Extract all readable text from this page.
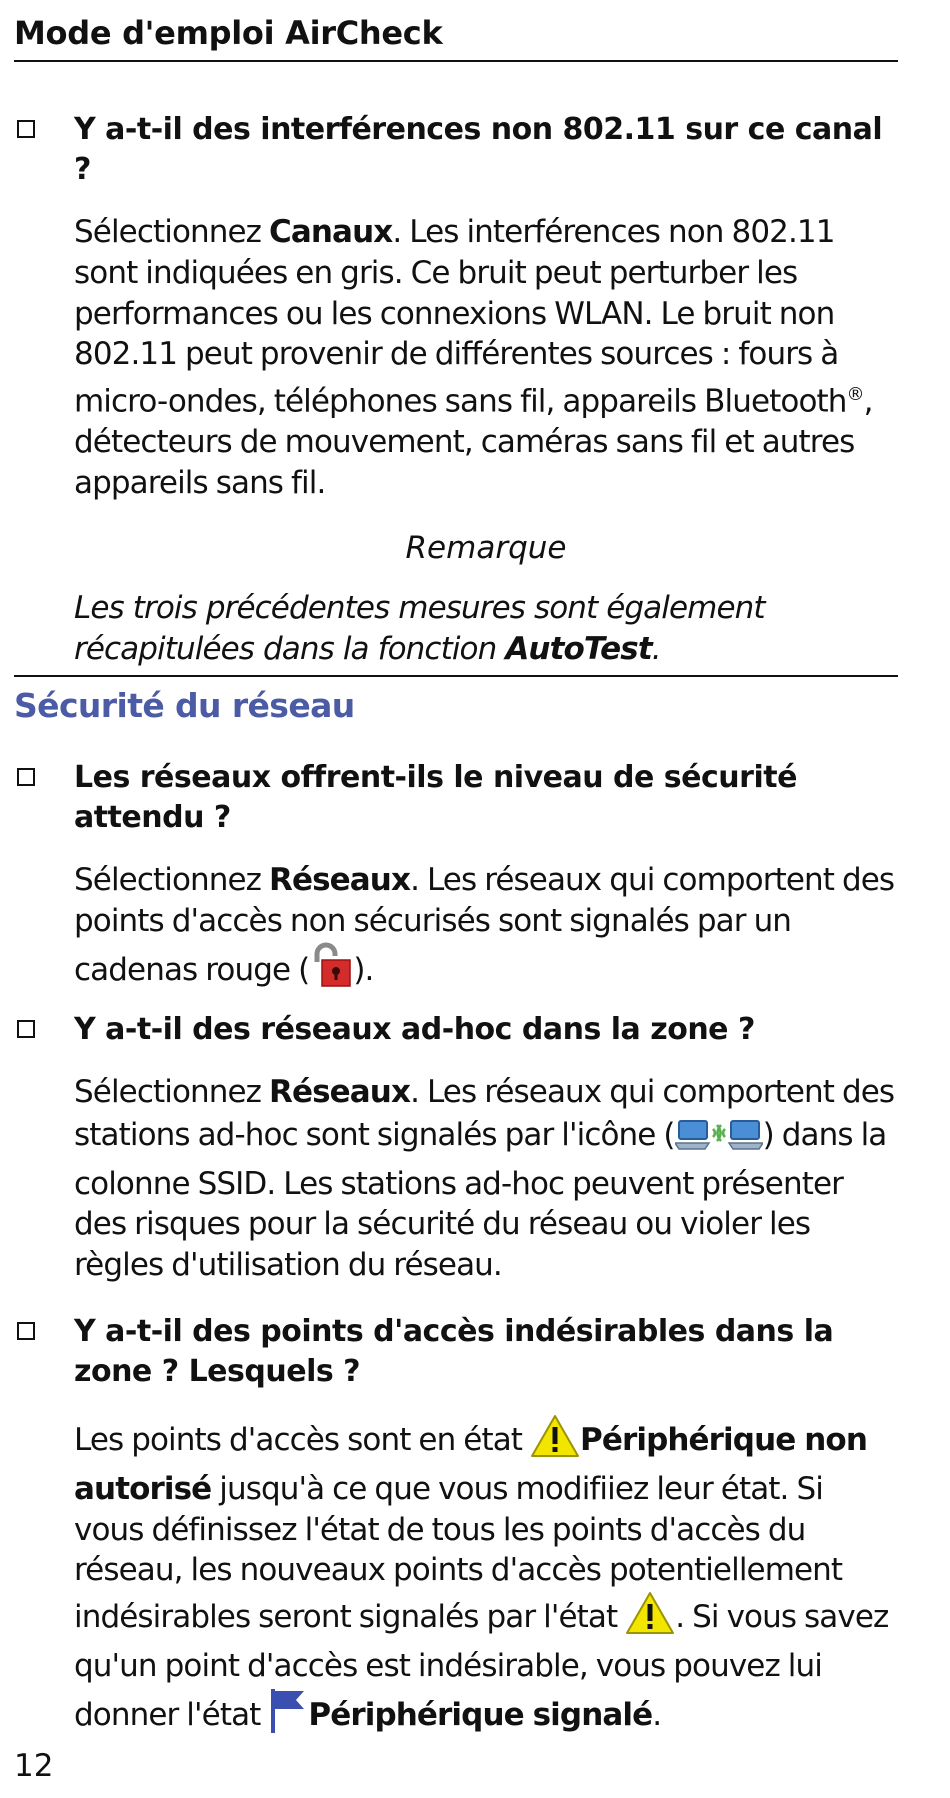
Mode d'emploi AirCheck
Y a-t-il des interférences non 802.11 sur ce canal ?
Sélectionnez Canaux. Les interférences non 802.11 sont indiquées en gris. Ce bruit peut perturber les performances ou les connexions WLAN. Le bruit non 802.11 peut provenir de différentes sources : fours à micro-ondes, téléphones sans fil, appareils Bluetooth®, détecteurs de mouvement, caméras sans fil et autres appareils sans fil.
Remarque
Les trois précédentes mesures sont également récapitulées dans la fonction AutoTest.
Sécurité du réseau
Les réseaux offrent-ils le niveau de sécurité attendu ?
Sélectionnez Réseaux. Les réseaux qui comportent des points d'accès non sécurisés sont signalés par un cadenas rouge ( ).
Y a-t-il des réseaux ad-hoc dans la zone ?
Sélectionnez Réseaux. Les réseaux qui comportent des stations ad-hoc sont signalés par l'icône (	) dans la colonne SSID. Les stations ad-hoc peuvent présenter des risques pour la sécurité du réseau ou violer les règles d'utilisation du réseau.
Y a-t-il des points d'accès indésirables dans la zone ? Lesquels ?
Les points d'accès sont en état Périphérique non autorisé jusqu'à ce que vous modifiiez leur état. Si vous définissez l'état de tous les points d'accès du réseau, les nouveaux points d'accès potentiellement indésirables seront signalés par l'état . Si vous savez qu'un point d'accès est indésirable, vous pouvez lui donner l'état Périphérique signalé.
12
